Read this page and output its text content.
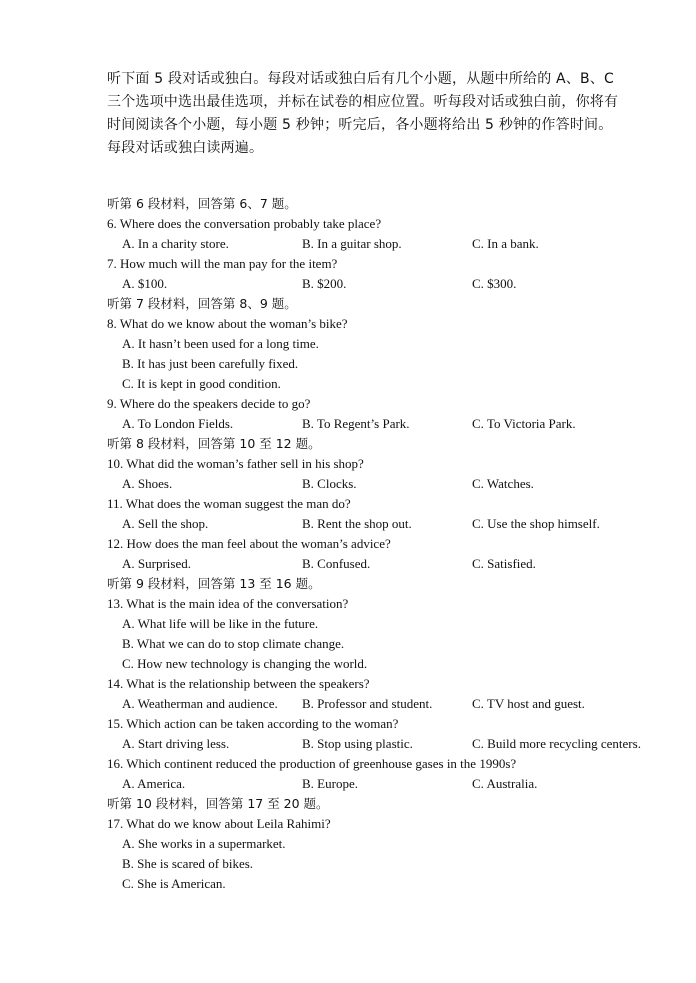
听下面 5 段对话或独白。每段对话或独白后有几个小题，从题中所给的 A、B、C 三个选项中选出最佳选项，并标在试卷的相应位置。听每段对话或独白前，你将有时间阅读各个小题，每小题 5 秒钟；听完后，各小题将给出 5 秒钟的作答时间。每段对话或独白读两遍。

听第 6 段材料，回答第 6、7 题。
6. Where does the conversation probably take place?
A. In a charity store.	B. In a guitar shop.	C. In a bank.
7. How much will the man pay for the item?
A. $100.	B. $200.	C. $300.
听第 7 段材料，回答第 8、9 题。
8. What do we know about the woman’s bike?
A. It hasn’t been used for a long time.
B. It has just been carefully fixed.
C. It is kept in good condition.
9. Where do the speakers decide to go?
A. To London Fields.	B. To Regent’s Park.	C. To Victoria Park.
听第 8 段材料，回答第 10 至 12 题。
10. What did the woman’s father sell in his shop?
A. Shoes.	B. Clocks.	C. Watches.
11. What does the woman suggest the man do?
A. Sell the shop.	B. Rent the shop out.	C. Use the shop himself.
12. How does the man feel about the woman’s advice?
A. Surprised.	B. Confused.	C. Satisfied.
听第 9 段材料，回答第 13 至 16 题。
13. What is the main idea of the conversation?
A. What life will be like in the future.
B. What we can do to stop climate change.
C. How new technology is changing the world.
14. What is the relationship between the speakers?
A. Weatherman and audience. B. Professor and student.	C. TV host and guest.
15. Which action can be taken according to the woman?
A. Start driving less.	B. Stop using plastic.	C. Build more recycling centers.
16. Which continent reduced the production of greenhouse gases in the 1990s?
A. America.	B. Europe.	C. Australia.
听第 10 段材料，回答第 17 至 20 题。
17. What do we know about Leila Rahimi?
A. She works in a supermarket.
B. She is scared of bikes.
C. She is American.
